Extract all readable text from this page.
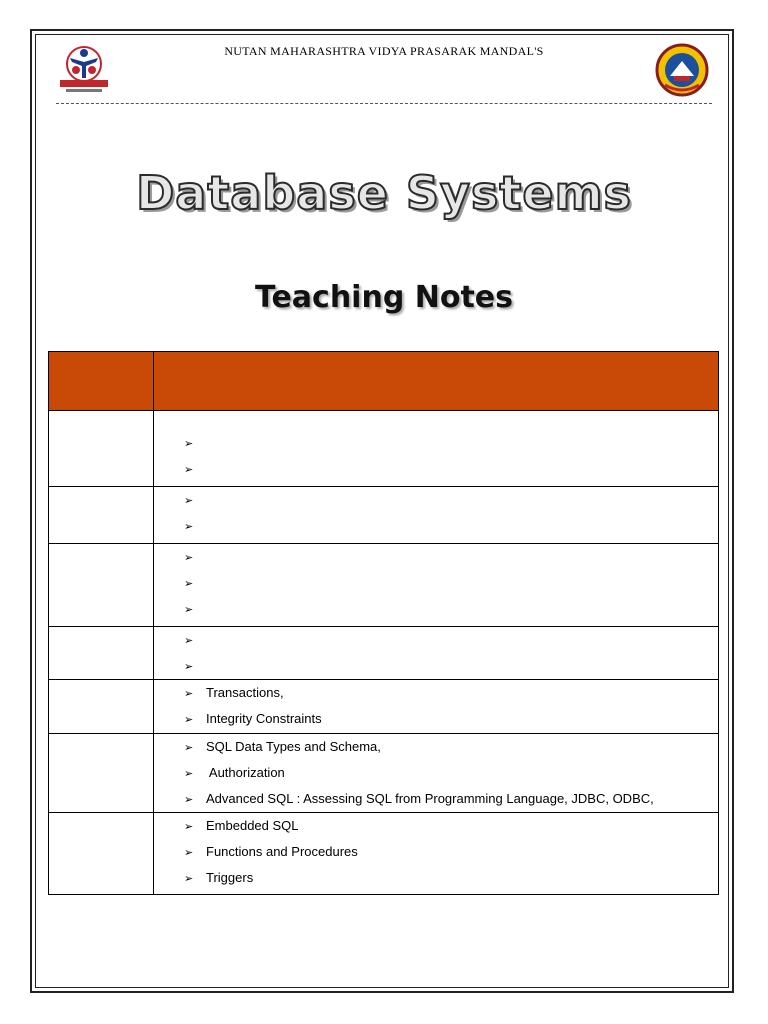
NUTAN MAHARASHTRA VIDYA PRASARAK MANDAL'S
Database Systems
Teaching Notes

	➢
➢

	➢
➢

	➢
➢
➢

	➢
➢

	➢ Transactions,
➢ Integrity Constraints

	➢ SQL Data Types and Schema,
➢ Authorization
➢ Advanced SQL : Assessing SQL from Programming Language, JDBC, ODBC,

	➢ Embedded SQL
➢ Functions and Procedures
➢ Triggers
